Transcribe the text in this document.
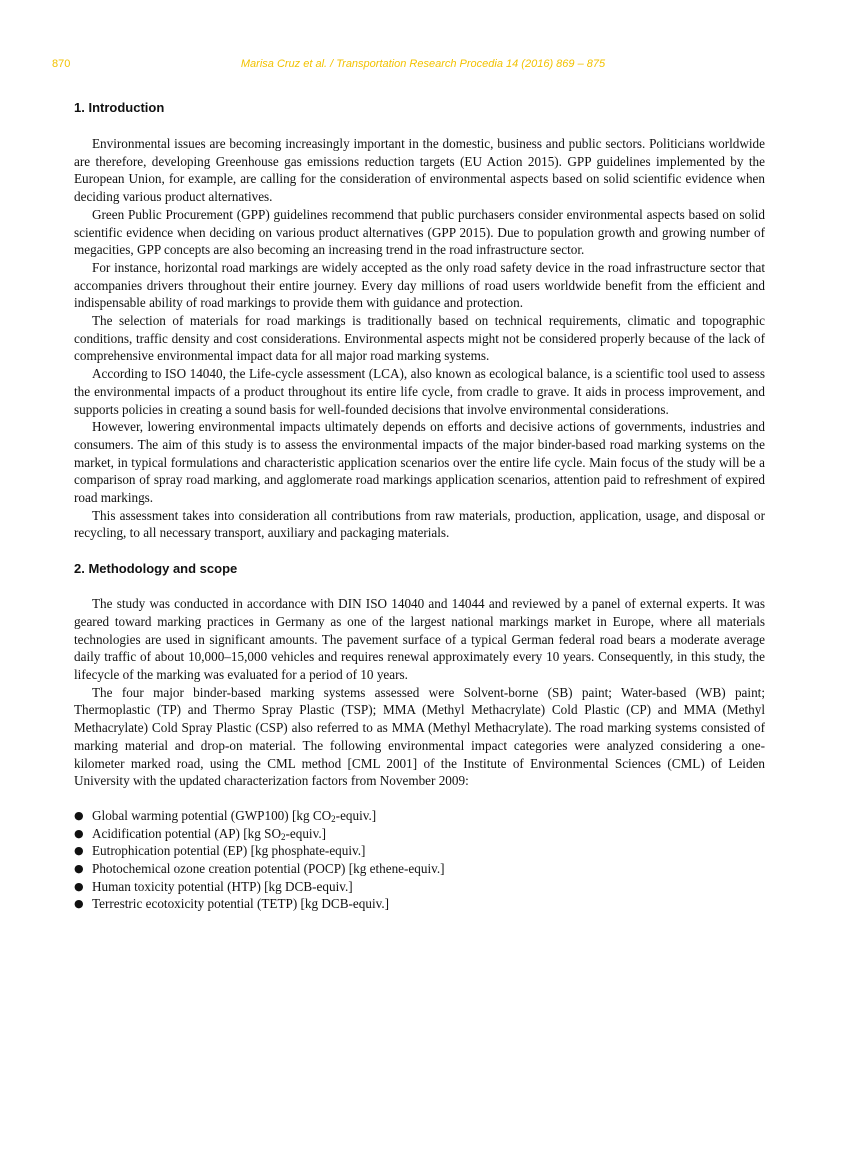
870	Marisa Cruz et al. / Transportation Research Procedia 14 (2016) 869 – 875
1. Introduction

Environmental issues are becoming increasingly important in the domestic, business and public sectors. Politicians worldwide are therefore, developing Greenhouse gas emissions reduction targets (EU Action 2015). GPP guidelines implemented by the European Union, for example, are calling for the consideration of environmental aspects based on solid scientific evidence when deciding various product alternatives.

Green Public Procurement (GPP) guidelines recommend that public purchasers consider environmental aspects based on solid scientific evidence when deciding on various product alternatives (GPP 2015). Due to population growth and growing number of megacities, GPP concepts are also becoming an increasing trend in the road infrastructure sector.

For instance, horizontal road markings are widely accepted as the only road safety device in the road infrastructure sector that accompanies drivers throughout their entire journey. Every day millions of road users worldwide benefit from the efficient and indispensable ability of road markings to provide them with guidance and protection.

The selection of materials for road markings is traditionally based on technical requirements, climatic and topographic conditions, traffic density and cost considerations. Environmental aspects might not be considered properly because of the lack of comprehensive environmental impact data for all major road marking systems.

According to ISO 14040, the Life-cycle assessment (LCA), also known as ecological balance, is a scientific tool used to assess the environmental impacts of a product throughout its entire life cycle, from cradle to grave. It aids in process improvement, and supports policies in creating a sound basis for well-founded decisions that involve environmental considerations.

However, lowering environmental impacts ultimately depends on efforts and decisive actions of governments, industries and consumers. The aim of this study is to assess the environmental impacts of the major binder-based road marking systems on the market, in typical formulations and characteristic application scenarios over the entire life cycle. Main focus of the study will be a comparison of spray road marking, and agglomerate road markings application scenarios, attention paid to refreshment of expired road markings.

This assessment takes into consideration all contributions from raw materials, production, application, usage, and disposal or recycling, to all necessary transport, auxiliary and packaging materials.

2. Methodology and scope

The study was conducted in accordance with DIN ISO 14040 and 14044 and reviewed by a panel of external experts. It was geared toward marking practices in Germany as one of the largest national markings market in Europe, where all materials technologies are used in significant amounts. The pavement surface of a typical German federal road bears a moderate average daily traffic of about 10,000–15,000 vehicles and requires renewal approximately every 10 years. Consequently, in this study, the lifecycle of the marking was evaluated for a period of 10 years.

The four major binder-based marking systems assessed were Solvent-borne (SB) paint; Water-based (WB) paint; Thermoplastic (TP) and Thermo Spray Plastic (TSP); MMA (Methyl Methacrylate) Cold Plastic (CP) and MMA (Methyl Methacrylate) Cold Spray Plastic (CSP) also referred to as MMA (Methyl Methacrylate). The road marking systems consisted of marking material and drop-on material. The following environmental impact categories were analyzed considering a one-kilometer marked road, using the CML method [CML 2001] of the Institute of Environmental Sciences (CML) of Leiden University with the updated characterization factors from November 2009:

● Global warming potential (GWP100) [kg $CO_2-equiv$.]
● Acidification potential (AP) [kg $SO_2-equiv$.]
● Eutrophication potential (EP) [kg phosphate-equiv.]
● Photochemical ozone creation potential (POCP) [kg ethene-equiv.]
● Human toxicity potential (HTP) [kg DCB-equiv.]
● Terrestric ecotoxicity potential (TETP) [kg DCB-equiv.]
